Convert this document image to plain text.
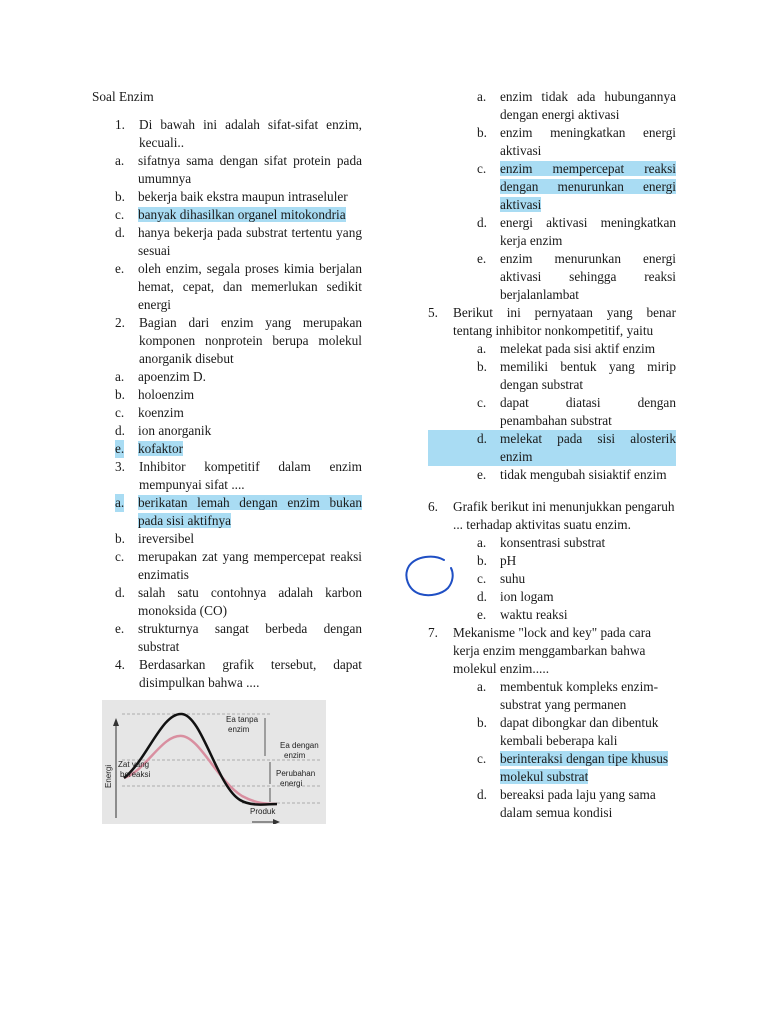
Soal Enzim
1. Di bawah ini adalah sifat-sifat enzim, kecuali..
a. sifatnya sama dengan sifat protein pada umumnya
b. bekerja baik ekstra maupun intraseluler
c. banyak dihasilkan organel mitokondria
d. hanya bekerja pada substrat tertentu yang sesuai
e. oleh enzim, segala proses kimia berjalan hemat, cepat, dan memerlukan sedikit energi
2. Bagian dari enzim yang merupakan komponen nonprotein berupa molekul anorganik disebut
a. apoenzim D.
b. holoenzim
c. koenzim
d. ion anorganik
e. kofaktor
3. Inhibitor kompetitif dalam enzim mempunyai sifat ....
a. berikatan lemah dengan enzim bukan pada sisi aktifnya
b. ireversibel
c. merupakan zat yang mempercepat reaksi enzimatis
d. salah satu contohnya adalah karbon monoksida (CO)
e. strukturnya sangat berbeda dengan substrat
4. Berdasarkan grafik tersebut, dapat disimpulkan bahwa ....
Ea tanpa
enzim
Ea dengan
enzim
Zat yang
bereaksi	Perubahan
energi
Produk
Energi
a. enzim tidak ada hubungannya dengan energi aktivasi
b. enzim meningkatkan energi aktivasi
c. enzim mempercepat reaksi dengan menurunkan energi aktivasi
d. energi aktivasi meningkatkan kerja enzim
e. enzim menurunkan energi aktivasi sehingga reaksi berjalanlambat
5. Berikut ini pernyataan yang benar tentang inhibitor nonkompetitif, yaitu
a. melekat pada sisi aktif enzim
b. memiliki bentuk yang mirip dengan substrat
c. dapat diatasi dengan penambahan substrat
d. melekat pada sisi alosterik enzim
e. tidak mengubah sisiaktif enzim
6. Grafik berikut ini menunjukkan pengaruh ... terhadap aktivitas suatu enzim.
a. konsentrasi substrat
b. pH
c. suhu
d. ion logam
e. waktu reaksi
7. Mekanisme "lock and key" pada cara kerja enzim menggambarkan bahwa molekul enzim.....
a. membentuk kompleks enzim-substrat yang permanen
b. dapat dibongkar dan dibentuk kembali beberapa kali
c. berinteraksi dengan tipe khusus molekul substrat
d. bereaksi pada laju yang sama dalam semua kondisi
